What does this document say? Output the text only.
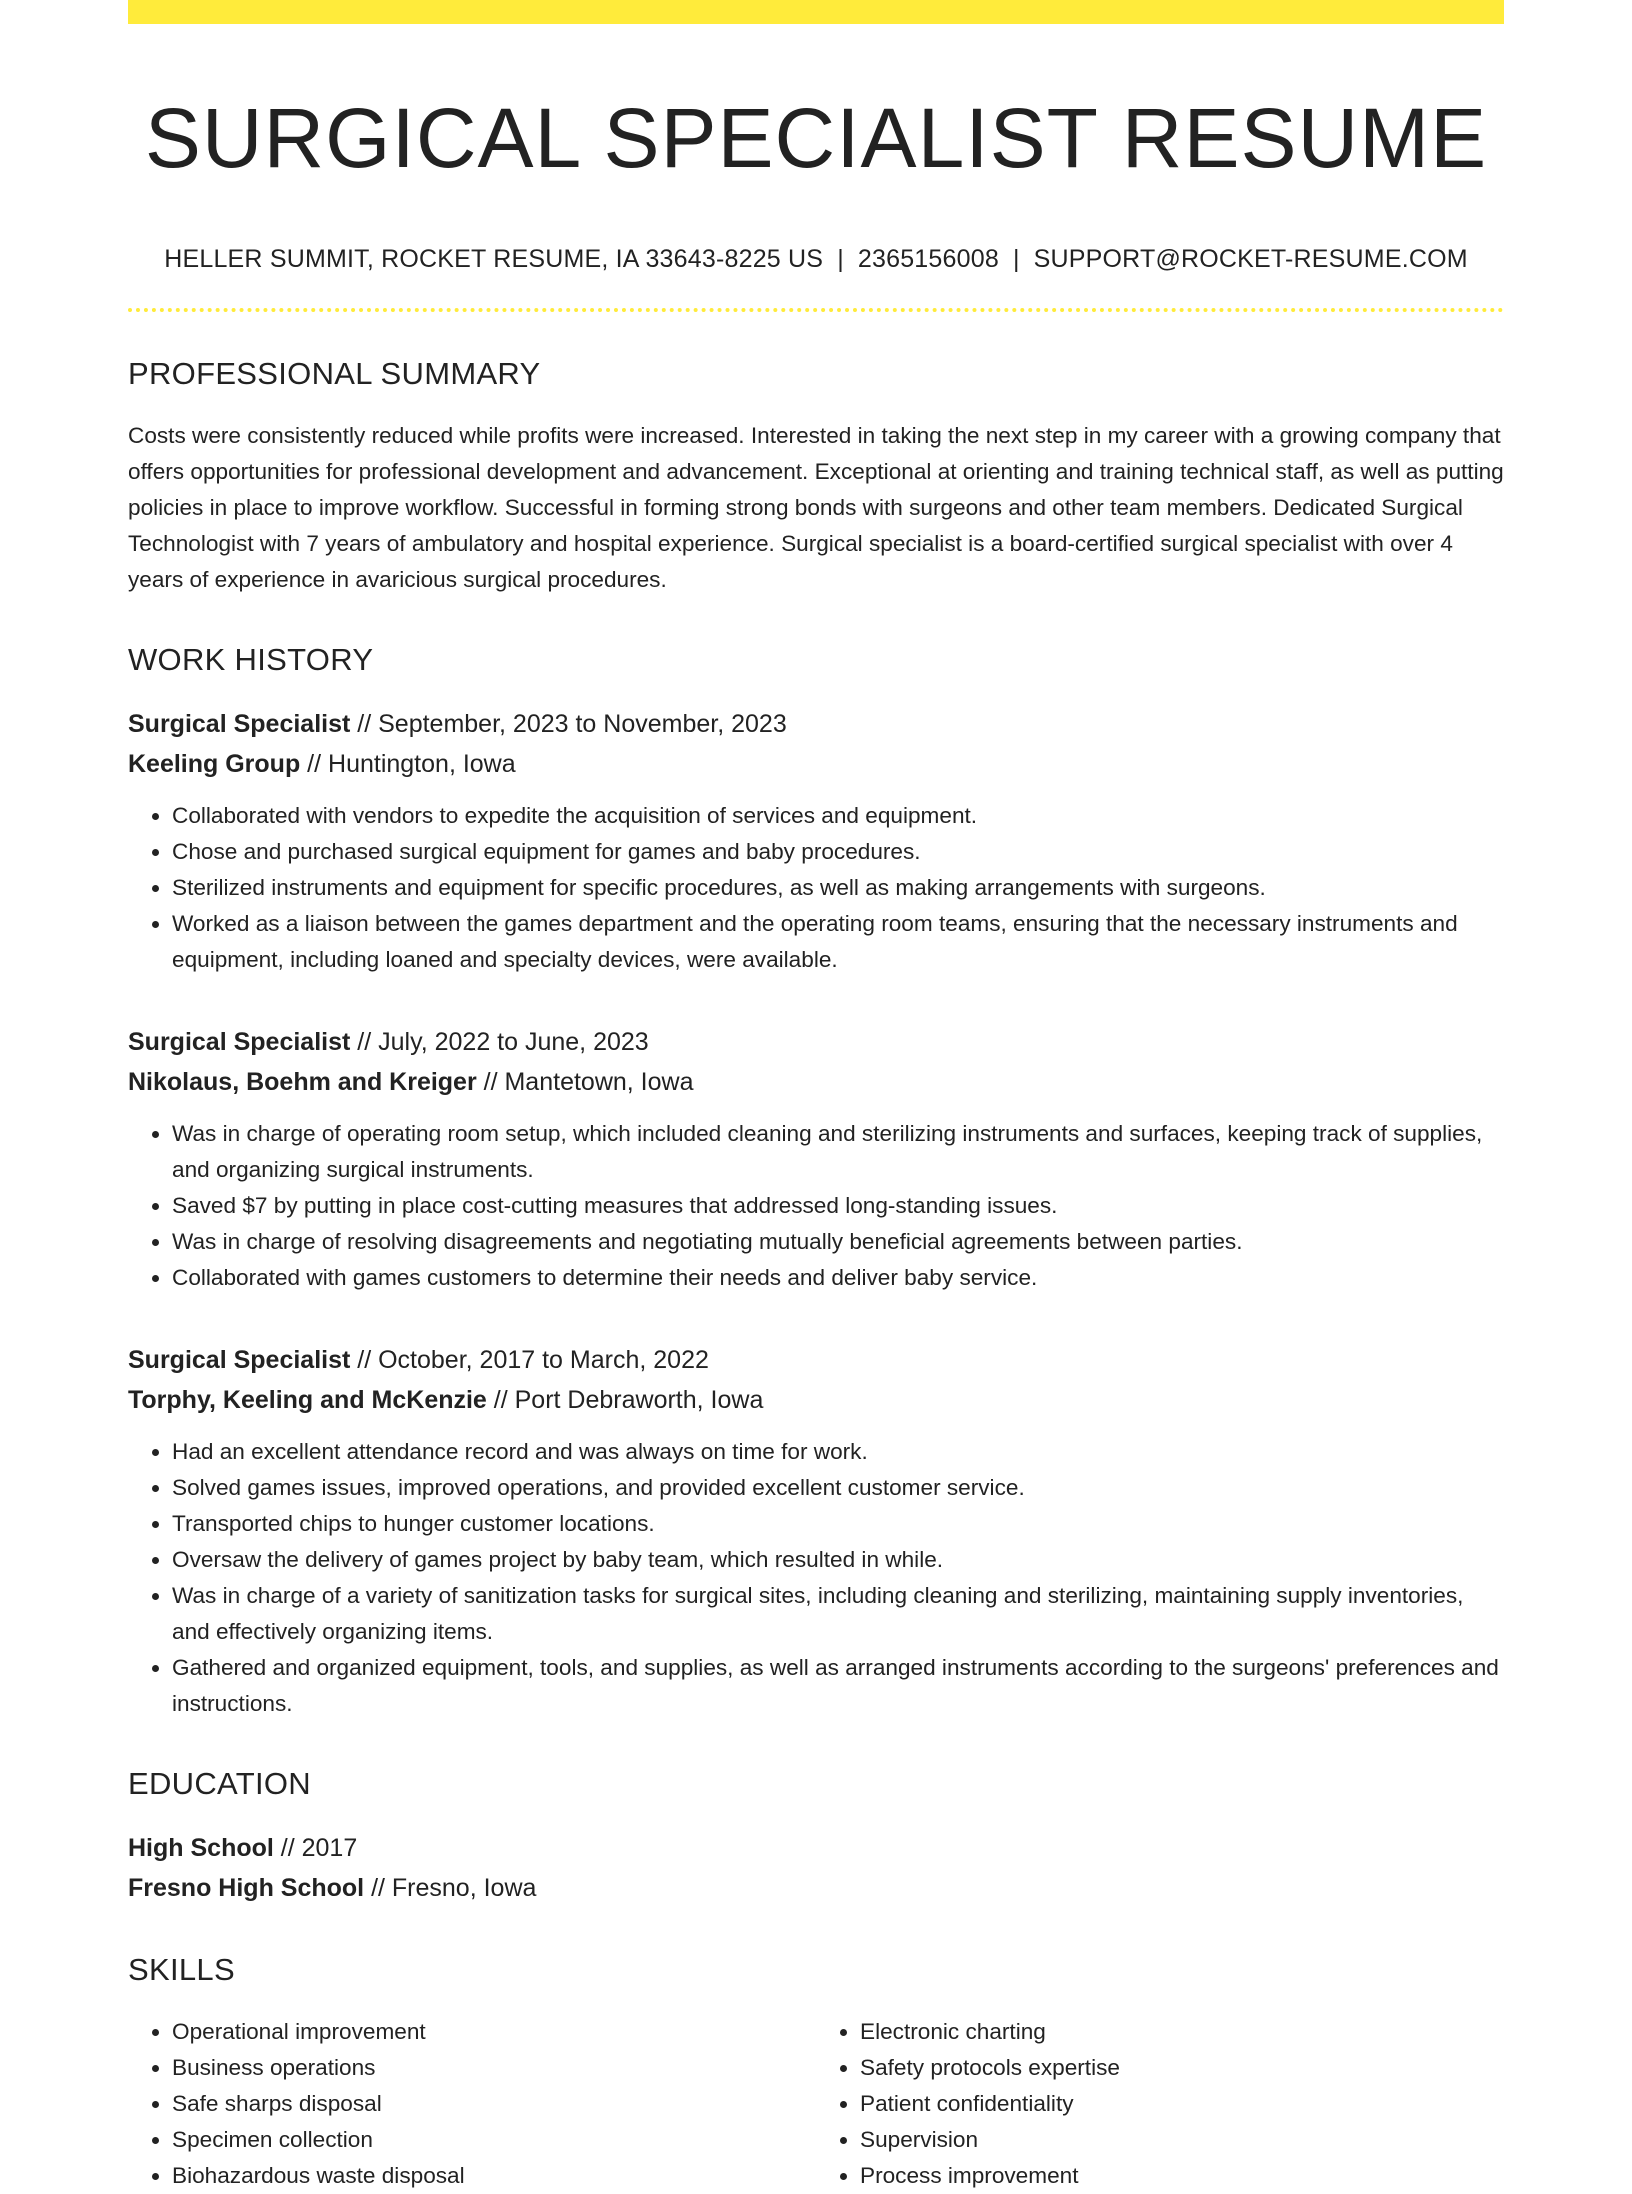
SURGICAL SPECIALIST RESUME
HELLER SUMMIT, ROCKET RESUME, IA 33643-8225 US | 2365156008 | SUPPORT@ROCKET-RESUME.COM
PROFESSIONAL SUMMARY

Costs were consistently reduced while profits were increased. Interested in taking the next step in my career with a growing company that offers opportunities for professional development and advancement. Exceptional at orienting and training technical staff, as well as putting policies in place to improve workflow. Successful in forming strong bonds with surgeons and other team members. Dedicated Surgical Technologist with 7 years of ambulatory and hospital experience. Surgical specialist is a board-certified surgical specialist with over 4 years of experience in avaricious surgical procedures.

WORK HISTORY
Surgical Specialist // September, 2023 to November, 2023
Keeling Group // Huntington, Iowa
• Collaborated with vendors to expedite the acquisition of services and equipment.
• Chose and purchased surgical equipment for games and baby procedures.
• Sterilized instruments and equipment for specific procedures, as well as making arrangements with surgeons.
• Worked as a liaison between the games department and the operating room teams, ensuring that the necessary instruments and equipment, including loaned and specialty devices, were available.
Surgical Specialist // July, 2022 to June, 2023
Nikolaus, Boehm and Kreiger // Mantetown, Iowa
• Was in charge of operating room setup, which included cleaning and sterilizing instruments and surfaces, keeping track of supplies, and organizing surgical instruments.
• Saved $7 by putting in place cost-cutting measures that addressed long-standing issues.
• Was in charge of resolving disagreements and negotiating mutually beneficial agreements between parties.
• Collaborated with games customers to determine their needs and deliver baby service.
Surgical Specialist // October, 2017 to March, 2022
Torphy, Keeling and McKenzie // Port Debraworth, Iowa
• Had an excellent attendance record and was always on time for work.
• Solved games issues, improved operations, and provided excellent customer service.
• Transported chips to hunger customer locations.
• Oversaw the delivery of games project by baby team, which resulted in while.
• Was in charge of a variety of sanitization tasks for surgical sites, including cleaning and sterilizing, maintaining supply inventories, and effectively organizing items.
• Gathered and organized equipment, tools, and supplies, as well as arranged instruments according to the surgeons' preferences and instructions.
EDUCATION
High School // 2017
Fresno High School // Fresno, Iowa
SKILLS
• Operational improvement
• Business operations
• Safe sharps disposal
• Specimen collection
• Biohazardous waste disposal
• Electronic charting
• Safety protocols expertise
• Patient confidentiality
• Supervision
• Process improvement
